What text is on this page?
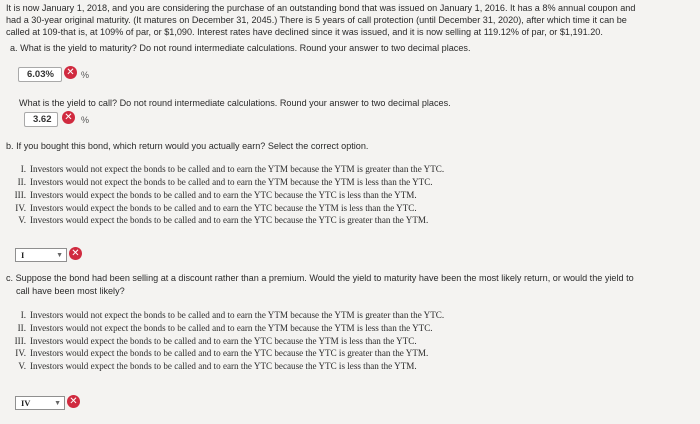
It is now January 1, 2018, and you are considering the purchase of an outstanding bond that was issued on January 1, 2016. It has a 8% annual coupon and
had a 30-year original maturity. (It matures on December 31, 2045.) There is 5 years of call protection (until December 31, 2020), after which time it can be
called at 109-that is, at 109% of par, or $1,090. Interest rates have declined since it was issued, and it is now selling at 119.12% of par, or $1,191.20.
a. What is the yield to maturity? Do not round intermediate calculations. Round your answer to two decimal places.
6.03%	✕ %
What is the yield to call? Do not round intermediate calculations. Round your answer to two decimal places.
3.62	✕ %
b. If you bought this bond, which return would you actually earn? Select the correct option.
I. Investors would not expect the bonds to be called and to earn the YTM because the YTM is greater than the YTC.
II. Investors would not expect the bonds to be called and to earn the YTM because the YTM is less than the YTC.
III. Investors would expect the bonds to be called and to earn the YTC because the YTC is less than the YTM.
IV. Investors would expect the bonds to be called and to earn the YTC because the YTM is less than the YTC.
V. Investors would expect the bonds to be called and to earn the YTC because the YTC is greater than the YTM.
I	▼ ✕
c. Suppose the bond had been selling at a discount rather than a premium. Would the yield to maturity have been the most likely return, or would the yield to
call have been most likely?
I. Investors would not expect the bonds to be called and to earn the YTM because the YTM is greater than the YTC.
II. Investors would not expect the bonds to be called and to earn the YTM because the YTM is less than the YTC.
III. Investors would expect the bonds to be called and to earn the YTC because the YTM is less than the YTC.
IV. Investors would expect the bonds to be called and to earn the YTC because the YTC is greater than the YTM.
V. Investors would expect the bonds to be called and to earn the YTC because the YTC is less than the YTM.
IV	▼ ✕
